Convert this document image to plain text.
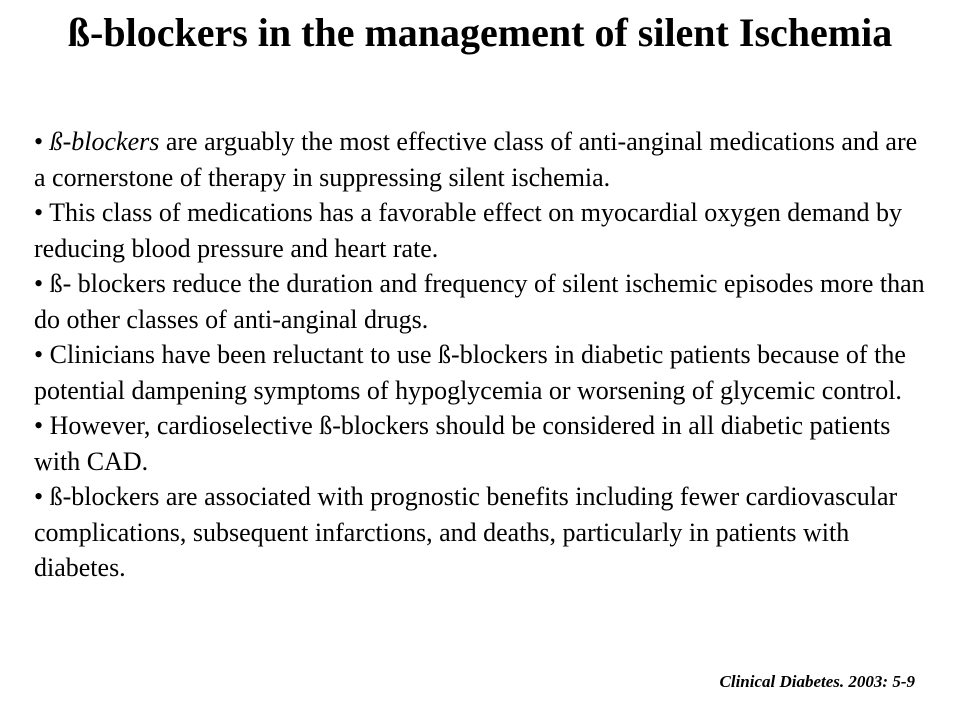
ß-blockers in the management of silent Ischemia
• ß-blockers are arguably the most effective class of anti-anginal medications and are a cornerstone of therapy in suppressing silent ischemia.
• This class of medications has a favorable effect on myocardial oxygen demand by reducing blood pressure and heart rate.
• ß- blockers reduce the duration and frequency of silent ischemic episodes more than do other classes of anti-anginal drugs.
• Clinicians have been reluctant to use ß-blockers in diabetic patients because of the potential dampening symptoms of hypoglycemia or worsening of glycemic control.
• However, cardioselective ß-blockers should be considered in all diabetic patients with CAD.
• ß-blockers are associated with prognostic benefits including fewer cardiovascular complications, subsequent infarctions, and deaths, particularly in patients with diabetes.
Clinical Diabetes. 2003: 5-9
